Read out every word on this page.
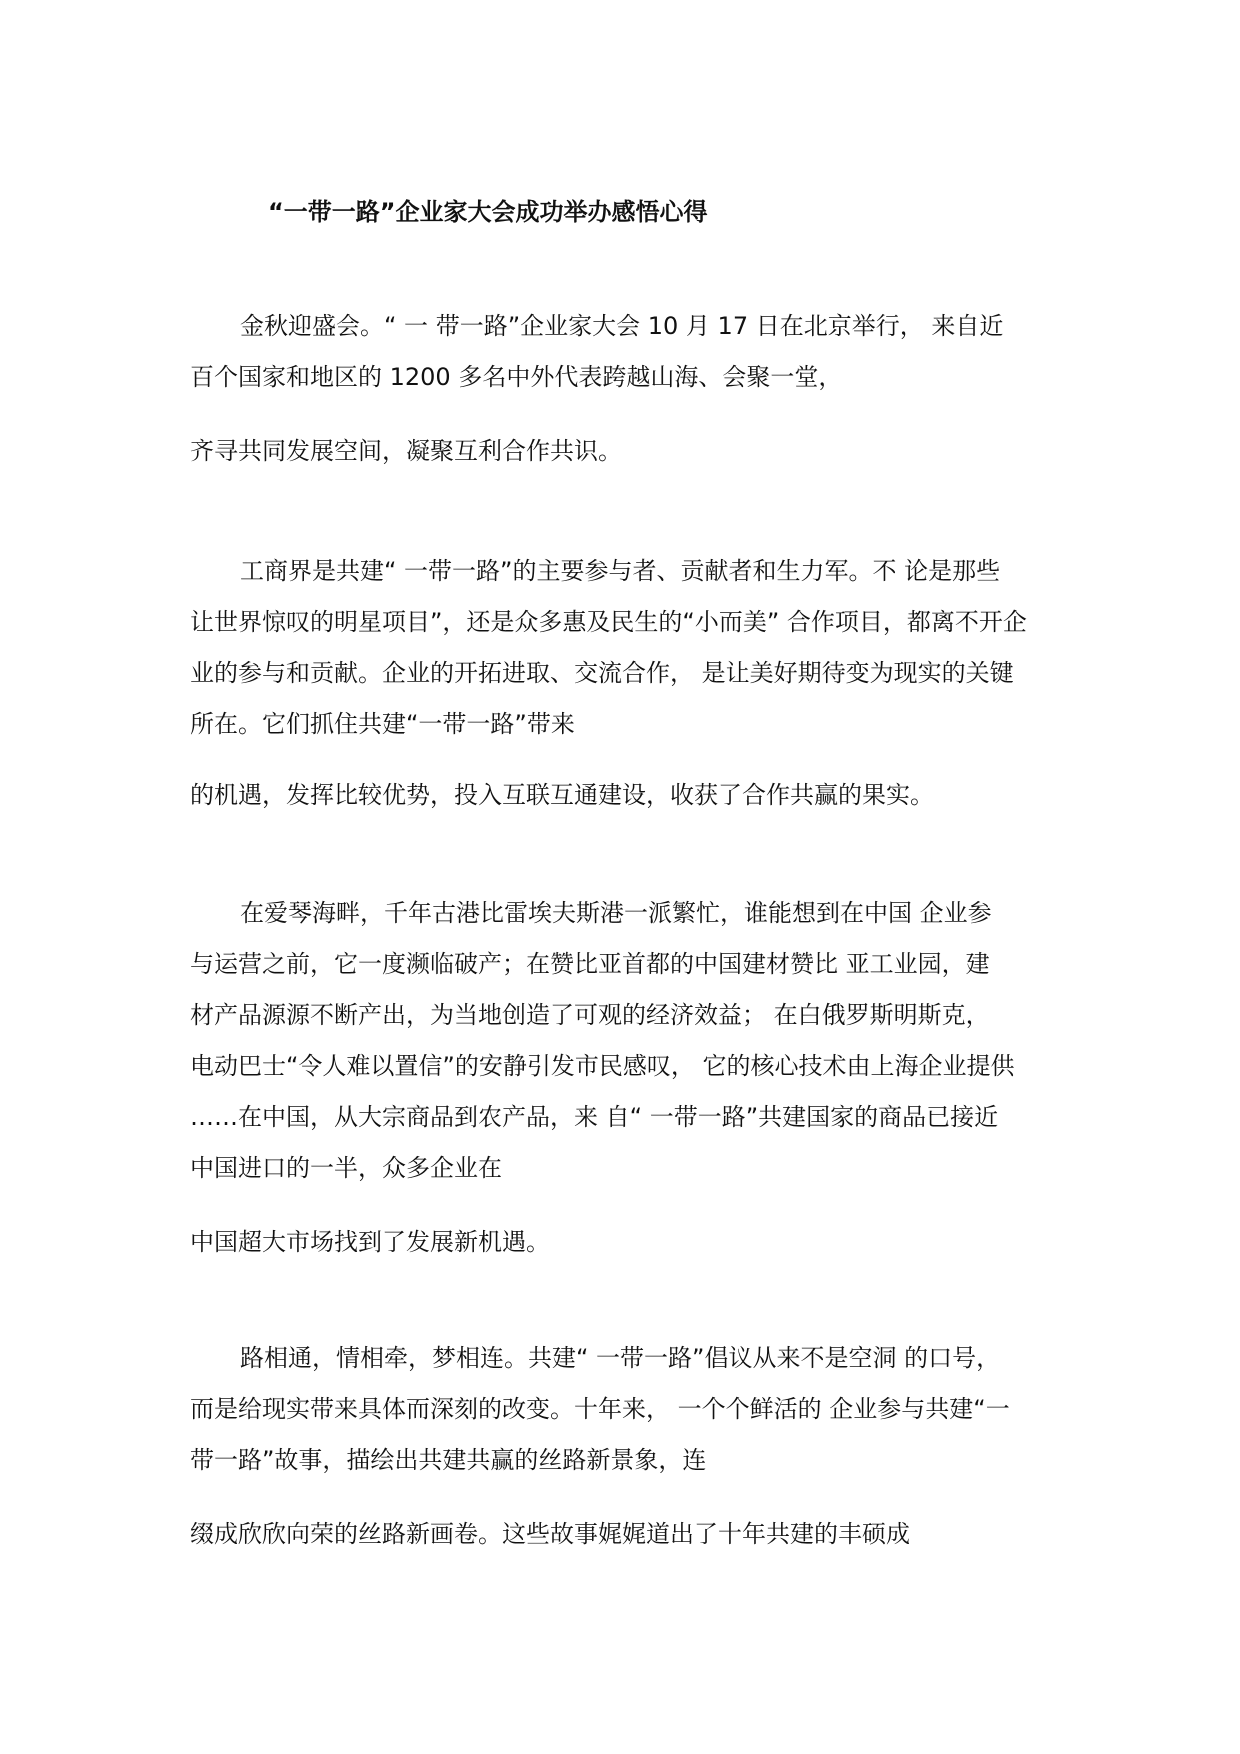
“一带一路”企业家大会成功举办感悟心得

金秋迎盛会。“ 一 带一路”企业家大会 10 月 17 日在北京举行， 来自近

百个国家和地区的 1200 多名中外代表跨越山海、会聚一堂，

齐寻共同发展空间，凝聚互利合作共识。

工商界是共建“ 一带一路”的主要参与者、贡献者和生力军。不 论是那些

让世界惊叹的明星项目”，还是众多惠及民生的“小而美” 合作项目，都离不开企

业的参与和贡献。企业的开拓进取、交流合作， 是让美好期待变为现实的关键

所在。它们抓住共建“一带一路”带来

的机遇，发挥比较优势，投入互联互通建设，收获了合作共赢的果实。

在爱琴海畔，千年古港比雷埃夫斯港一派繁忙，谁能想到在中国 企业参

与运营之前，它一度濒临破产；在赞比亚首都的中国建材赞比 亚工业园，建

材产品源源不断产出，为当地创造了可观的经济效益； 在白俄罗斯明斯克，

电动巴士“令人难以置信”的安静引发市民感叹， 它的核心技术由上海企业提供

……在中国，从大宗商品到农产品，来 自“ 一带一路”共建国家的商品已接近

中国进口的一半，众多企业在

中国超大市场找到了发展新机遇。

路相通，情相牵，梦相连。共建“ 一带一路”倡议从来不是空洞 的口号，

而是给现实带来具体而深刻的改变。十年来， 一个个鲜活的 企业参与共建“一

带一路”故事，描绘出共建共赢的丝路新景象，连

缀成欣欣向荣的丝路新画卷。这些故事娓娓道出了十年共建的丰硕成
